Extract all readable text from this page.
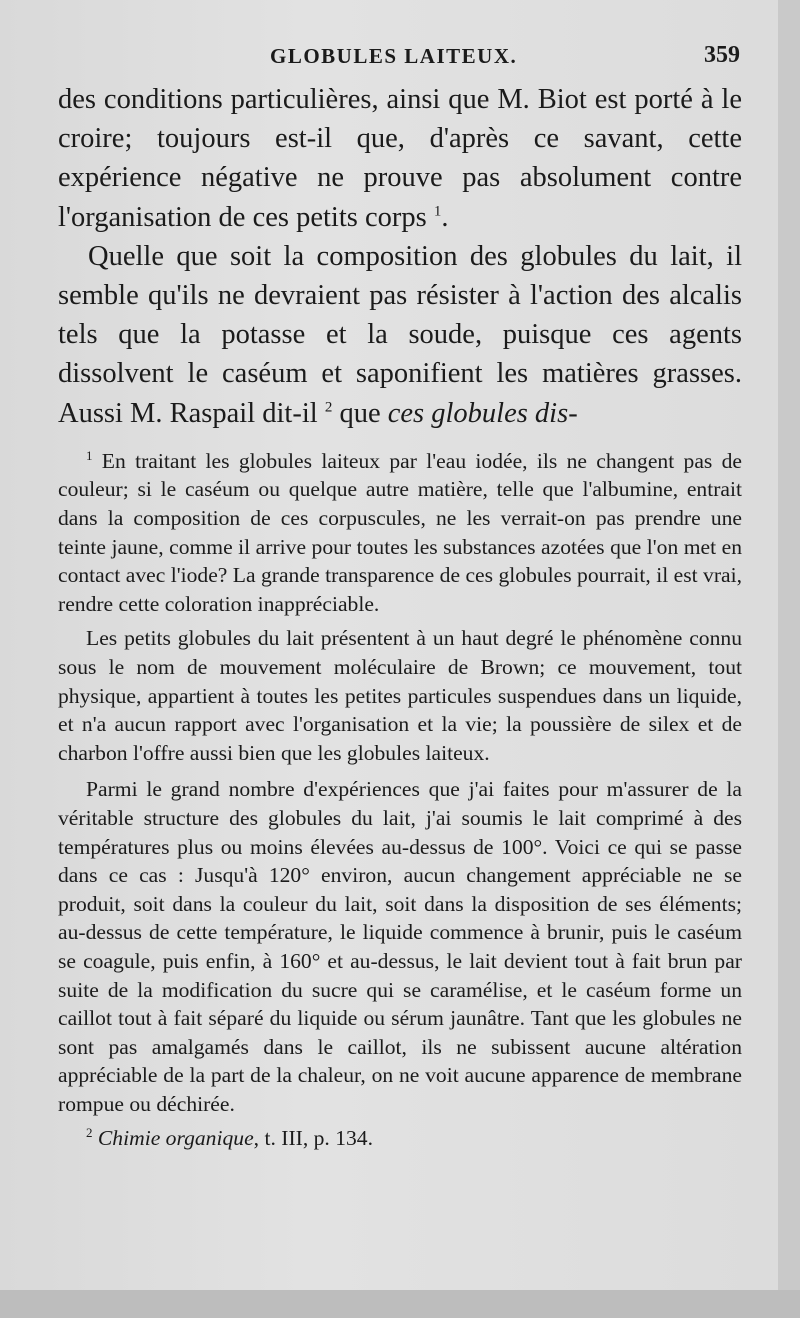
GLOBULES LAITEUX.	359

des conditions particulières, ainsi que M. Biot est porté à le croire; toujours est-il que, d'après ce savant, cette expérience négative ne prouve pas absolument contre l'organisation de ces petits corps $^1$.

Quelle que soit la composition des globules du lait, il semble qu'ils ne devraient pas résister à l'action des alcalis tels que la potasse et la soude, puisque ces agents dissolvent le caséum et saponifient les matières grasses. Aussi M. Raspail dit-il $^2$ que ces globules dis-

$^1$ En traitant les globules laiteux par l'eau iodée, ils ne changent pas de couleur; si le caséum ou quelque autre matière, telle que l'albumine, entrait dans la composition de ces corpuscules, ne les verrait-on pas prendre une teinte jaune, comme il arrive pour toutes les substances azotées que l'on met en contact avec l'iode? La grande transparence de ces globules pourrait, il est vrai, rendre cette coloration inappréciable.

Les petits globules du lait présentent à un haut degré le phénomène connu sous le nom de mouvement moléculaire de Brown; ce mouvement, tout physique, appartient à toutes les petites particules suspendues dans un liquide, et n'a aucun rapport avec l'organisation et la vie; la poussière de silex et de charbon l'offre aussi bien que les globules laiteux.

Parmi le grand nombre d'expériences que j'ai faites pour m'assurer de la véritable structure des globules du lait, j'ai soumis le lait comprimé à des températures plus ou moins élevées au-dessus de 100°. Voici ce qui se passe dans ce cas : Jusqu'à 120° environ, aucun changement appréciable ne se produit, soit dans la couleur du lait, soit dans la disposition de ses éléments; au-dessus de cette température, le liquide commence à brunir, puis le caséum se coagule, puis enfin, à 160° et au-dessus, le lait devient tout à fait brun par suite de la modification du sucre qui se caramélise, et le caséum forme un caillot tout à fait séparé du liquide ou sérum jaunâtre. Tant que les globules ne sont pas amalgamés dans le caillot, ils ne subissent aucune altération appréciable de la part de la chaleur, on ne voit aucune apparence de membrane rompue ou déchirée.

$^2$ Chimie organique, t. III, p. 134.
